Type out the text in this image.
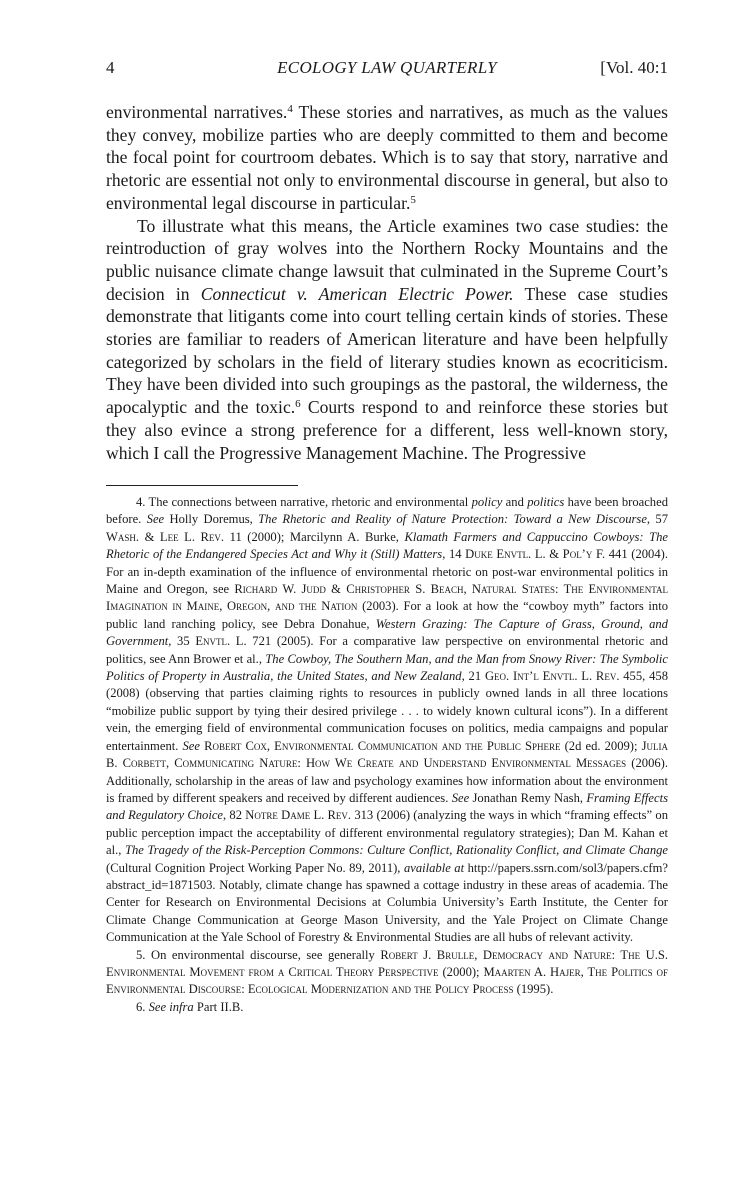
4	ECOLOGY LAW QUARTERLY	[Vol. 40:1

environmental narratives.$^4$ These stories and narratives, as much as the values they convey, mobilize parties who are deeply committed to them and become the focal point for courtroom debates. Which is to say that story, narrative and rhetoric are essential not only to environmental discourse in general, but also to environmental legal discourse in particular.$^5$

To illustrate what this means, the Article examines two case studies: the reintroduction of gray wolves into the Northern Rocky Mountains and the public nuisance climate change lawsuit that culminated in the Supreme Court’s decision in Connecticut v. American Electric Power. These case studies demonstrate that litigants come into court telling certain kinds of stories. These stories are familiar to readers of American literature and have been helpfully categorized by scholars in the field of literary studies known as ecocriticism. They have been divided into such groupings as the pastoral, the wilderness, the apocalyptic and the toxic.$^6$ Courts respond to and reinforce these stories but they also evince a strong preference for a different, less well-known story, which I call the Progressive Management Machine. The Progressive

4. The connections between narrative, rhetoric and environmental policy and politics have been broached before. See Holly Doremus, The Rhetoric and Reality of Nature Protection: Toward a New Discourse, 57 Wash. & Lee L. Rev. 11 (2000); Marcilynn A. Burke, Klamath Farmers and Cappuccino Cowboys: The Rhetoric of the Endangered Species Act and Why it (Still) Matters, 14 Duke Envtl. L. & Pol’y F. 441 (2004). For an in-depth examination of the influence of environmental rhetoric on post-war environmental politics in Maine and Oregon, see Richard W. Judd & Christopher S. Beach, Natural States: The Environmental Imagination in Maine, Oregon, and the Nation (2003). For a look at how the “cowboy myth” factors into public land ranching policy, see Debra Donahue, Western Grazing: The Capture of Grass, Ground, and Government, 35 Envtl. L. 721 (2005). For a comparative law perspective on environmental rhetoric and politics, see Ann Brower et al., The Cowboy, The Southern Man, and the Man from Snowy River: The Symbolic Politics of Property in Australia, the United States, and New Zealand, 21 Geo. Int’l Envtl. L. Rev. 455, 458 (2008) (observing that parties claiming rights to resources in publicly owned lands in all three locations “mobilize public support by tying their desired privilege . . . to widely known cultural icons”). In a different vein, the emerging field of environmental communication focuses on politics, media campaigns and popular entertainment. See Robert Cox, Environmental Communication and the Public Sphere (2d ed. 2009); Julia B. Corbett, Communicating Nature: How We Create and Understand Environmental Messages (2006). Additionally, scholarship in the areas of law and psychology examines how information about the environment is framed by different speakers and received by different audiences. See Jonathan Remy Nash, Framing Effects and Regulatory Choice, 82 Notre Dame L. Rev. 313 (2006) (analyzing the ways in which “framing effects” on public perception impact the acceptability of different environmental regulatory strategies); Dan M. Kahan et al., The Tragedy of the Risk-Perception Commons: Culture Conflict, Rationality Conflict, and Climate Change (Cultural Cognition Project Working Paper No. 89, 2011), available at http://papers.ssrn.com/sol3/papers.cfm?abstract_id=1871503. Notably, climate change has spawned a cottage industry in these areas of academia. The Center for Research on Environmental Decisions at Columbia University’s Earth Institute, the Center for Climate Change Communication at George Mason University, and the Yale Project on Climate Change Communication at the Yale School of Forestry & Environmental Studies are all hubs of relevant activity.

5. On environmental discourse, see generally Robert J. Brulle, Democracy and Nature: The U.S. Environmental Movement from a Critical Theory Perspective (2000); Maarten A. Hajer, The Politics of Environmental Discourse: Ecological Modernization and the Policy Process (1995).

6. See infra Part II.B.
